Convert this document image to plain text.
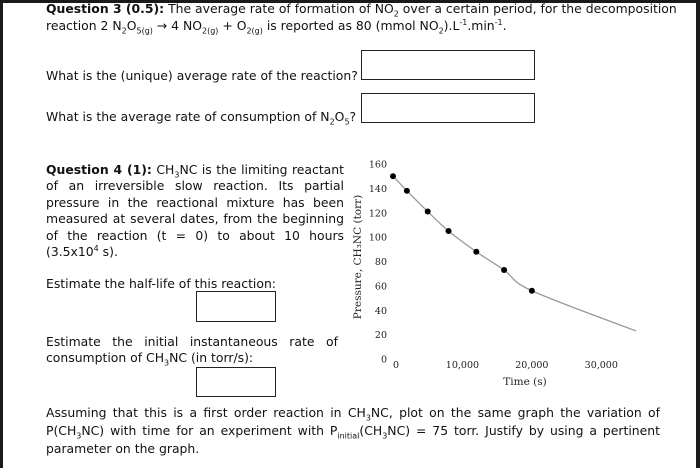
Question 3 (0.5): The average rate of formation of $NO_2$ over a certain period, for the decomposition
reaction 2 $N_2O_{5(g)} \to 4$ $NO_{2(g)} + O_{2(g)}$ is reported as 80 (mmol $NO_2).L^{-1}.\min^{-1}$.
What is the (unique) average rate of the reaction?
What is the average rate of consumption of $N_2O_5$?
Question 4 (1): $CH_3NC$ is the limiting reactant
of an irreversible slow reaction. Its partial
pressure in the reactional mixture has been
measured at several dates, from the beginning
of the reaction (t = 0) to about 10 hours
($3.5x10^4$ s).
Estimate the half-life of this reaction:
Estimate the initial instantaneous rate of
consumption of $CH_3NC$ (in torr/s):
Pressure, CH₃NC (torr)
0
20
40
60
80
100
120
140
160
0	10,000	20,000	30,000
Time (s)
Assuming that this is a first order reaction in $CH_3NC$, plot on the same graph the variation of
$P(CH_3NC)$ with time for an experiment with $P_{initial}(CH_3NC) = 75$ torr. Justify by using a pertinent
parameter on the graph.
